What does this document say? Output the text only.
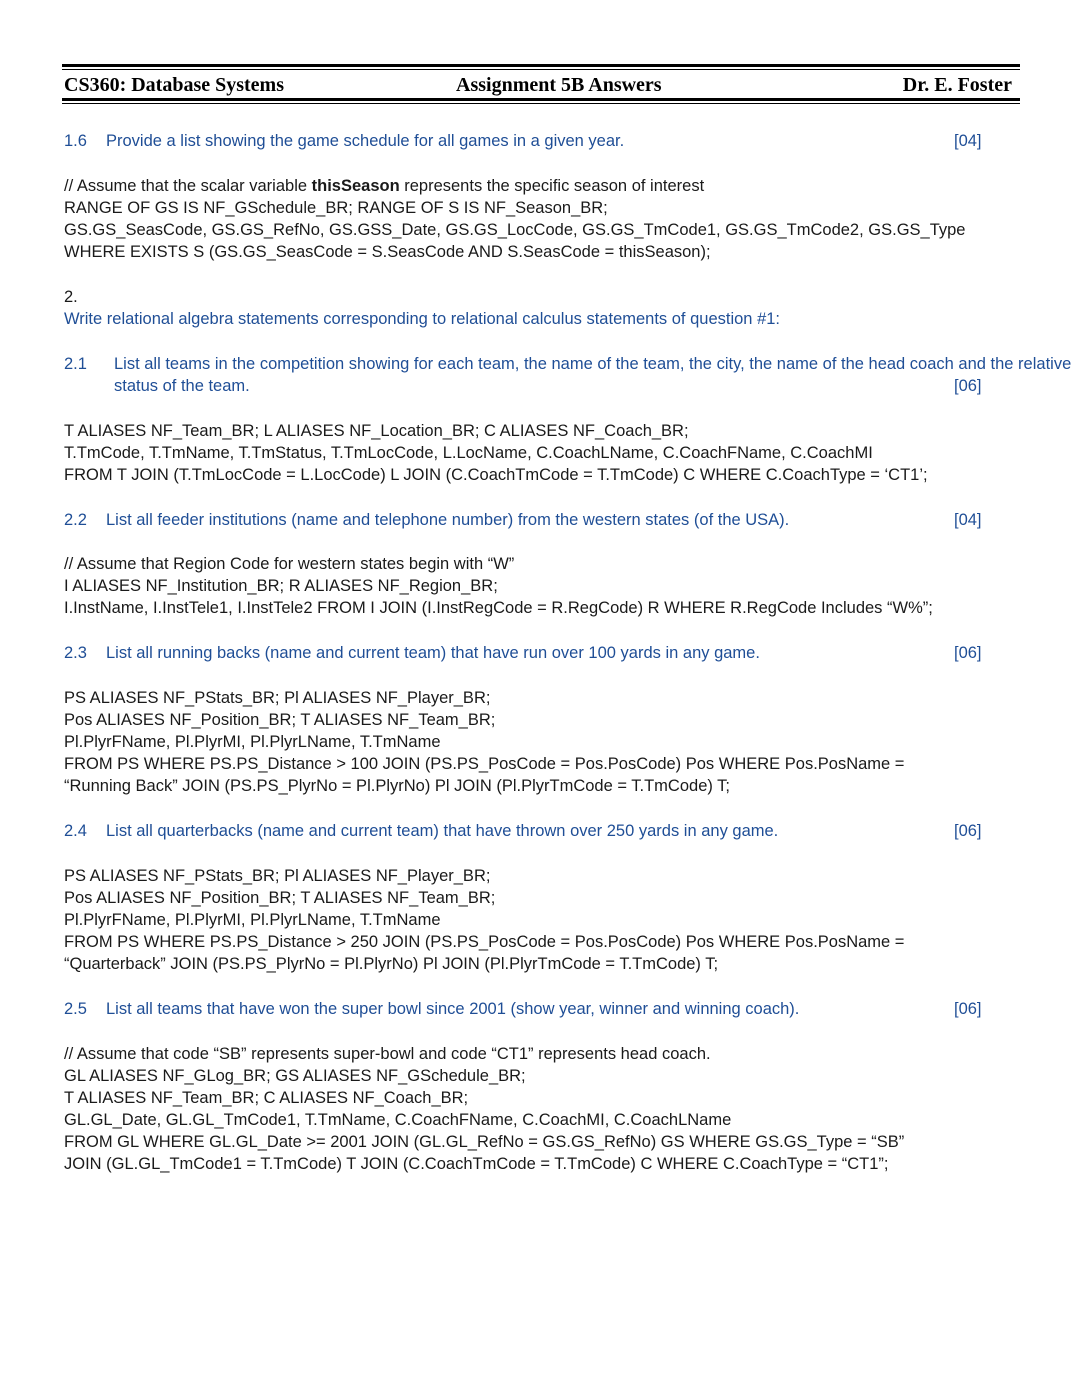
CS360: Database Systems	Assignment 5B Answers	Dr. E. Foster
1.6 Provide a list showing the game schedule for all games in a given year.	[04]
// Assume that the scalar variable thisSeason represents the specific season of interest
RANGE OF GS IS NF_GSchedule_BR; RANGE OF S IS NF_Season_BR;
GS.GS_SeasCode, GS.GS_RefNo, GS.GSS_Date, GS.GS_LocCode, GS.GS_TmCode1, GS.GS_TmCode2, GS.GS_Type
WHERE EXISTS S (GS.GS_SeasCode = S.SeasCode AND S.SeasCode = thisSeason);
2.
Write relational algebra statements corresponding to relational calculus statements of question #1:
2.1 List all teams in the competition showing for each team, the name of the team, the city, the name of the head coach and the relative
status of the team.	[06]
T ALIASES NF_Team_BR; L ALIASES NF_Location_BR; C ALIASES NF_Coach_BR;
T.TmCode, T.TmName, T.TmStatus, T.TmLocCode, L.LocName, C.CoachLName, C.CoachFName, C.CoachMI
FROM T JOIN (T.TmLocCode = L.LocCode) L JOIN (C.CoachTmCode = T.TmCode) C WHERE C.CoachType = ‘CT1’;
2.2 List all feeder institutions (name and telephone number) from the western states (of the USA).	[04]
// Assume that Region Code for western states begin with “W”
I ALIASES NF_Institution_BR; R ALIASES NF_Region_BR;
I.InstName, I.InstTele1, I.InstTele2 FROM I JOIN (I.InstRegCode = R.RegCode) R WHERE R.RegCode Includes “W%”;
2.3 List all running backs (name and current team) that have run over 100 yards in any game.	[06]
PS ALIASES NF_PStats_BR; Pl ALIASES NF_Player_BR;
Pos ALIASES NF_Position_BR; T ALIASES NF_Team_BR;
Pl.PlyrFName, Pl.PlyrMI, Pl.PlyrLName, T.TmName
FROM PS WHERE PS.PS_Distance > 100 JOIN (PS.PS_PosCode = Pos.PosCode) Pos WHERE Pos.PosName =
“Running Back” JOIN (PS.PS_PlyrNo = Pl.PlyrNo) Pl JOIN (Pl.PlyrTmCode = T.TmCode) T;
2.4 List all quarterbacks (name and current team) that have thrown over 250 yards in any game.	[06]
PS ALIASES NF_PStats_BR; Pl ALIASES NF_Player_BR;
Pos ALIASES NF_Position_BR; T ALIASES NF_Team_BR;
Pl.PlyrFName, Pl.PlyrMI, Pl.PlyrLName, T.TmName
FROM PS WHERE PS.PS_Distance > 250 JOIN (PS.PS_PosCode = Pos.PosCode) Pos WHERE Pos.PosName =
“Quarterback” JOIN (PS.PS_PlyrNo = Pl.PlyrNo) Pl JOIN (Pl.PlyrTmCode = T.TmCode) T;
2.5 List all teams that have won the super bowl since 2001 (show year, winner and winning coach).	[06]
// Assume that code “SB” represents super-bowl and code “CT1” represents head coach.
GL ALIASES NF_GLog_BR; GS ALIASES NF_GSchedule_BR;
T ALIASES NF_Team_BR; C ALIASES NF_Coach_BR;
GL.GL_Date, GL.GL_TmCode1, T.TmName, C.CoachFName, C.CoachMI, C.CoachLName
FROM GL WHERE GL.GL_Date >= 2001 JOIN (GL.GL_RefNo = GS.GS_RefNo) GS WHERE GS.GS_Type = “SB”
JOIN (GL.GL_TmCode1 = T.TmCode) T JOIN (C.CoachTmCode = T.TmCode) C WHERE C.CoachType = “CT1”;
